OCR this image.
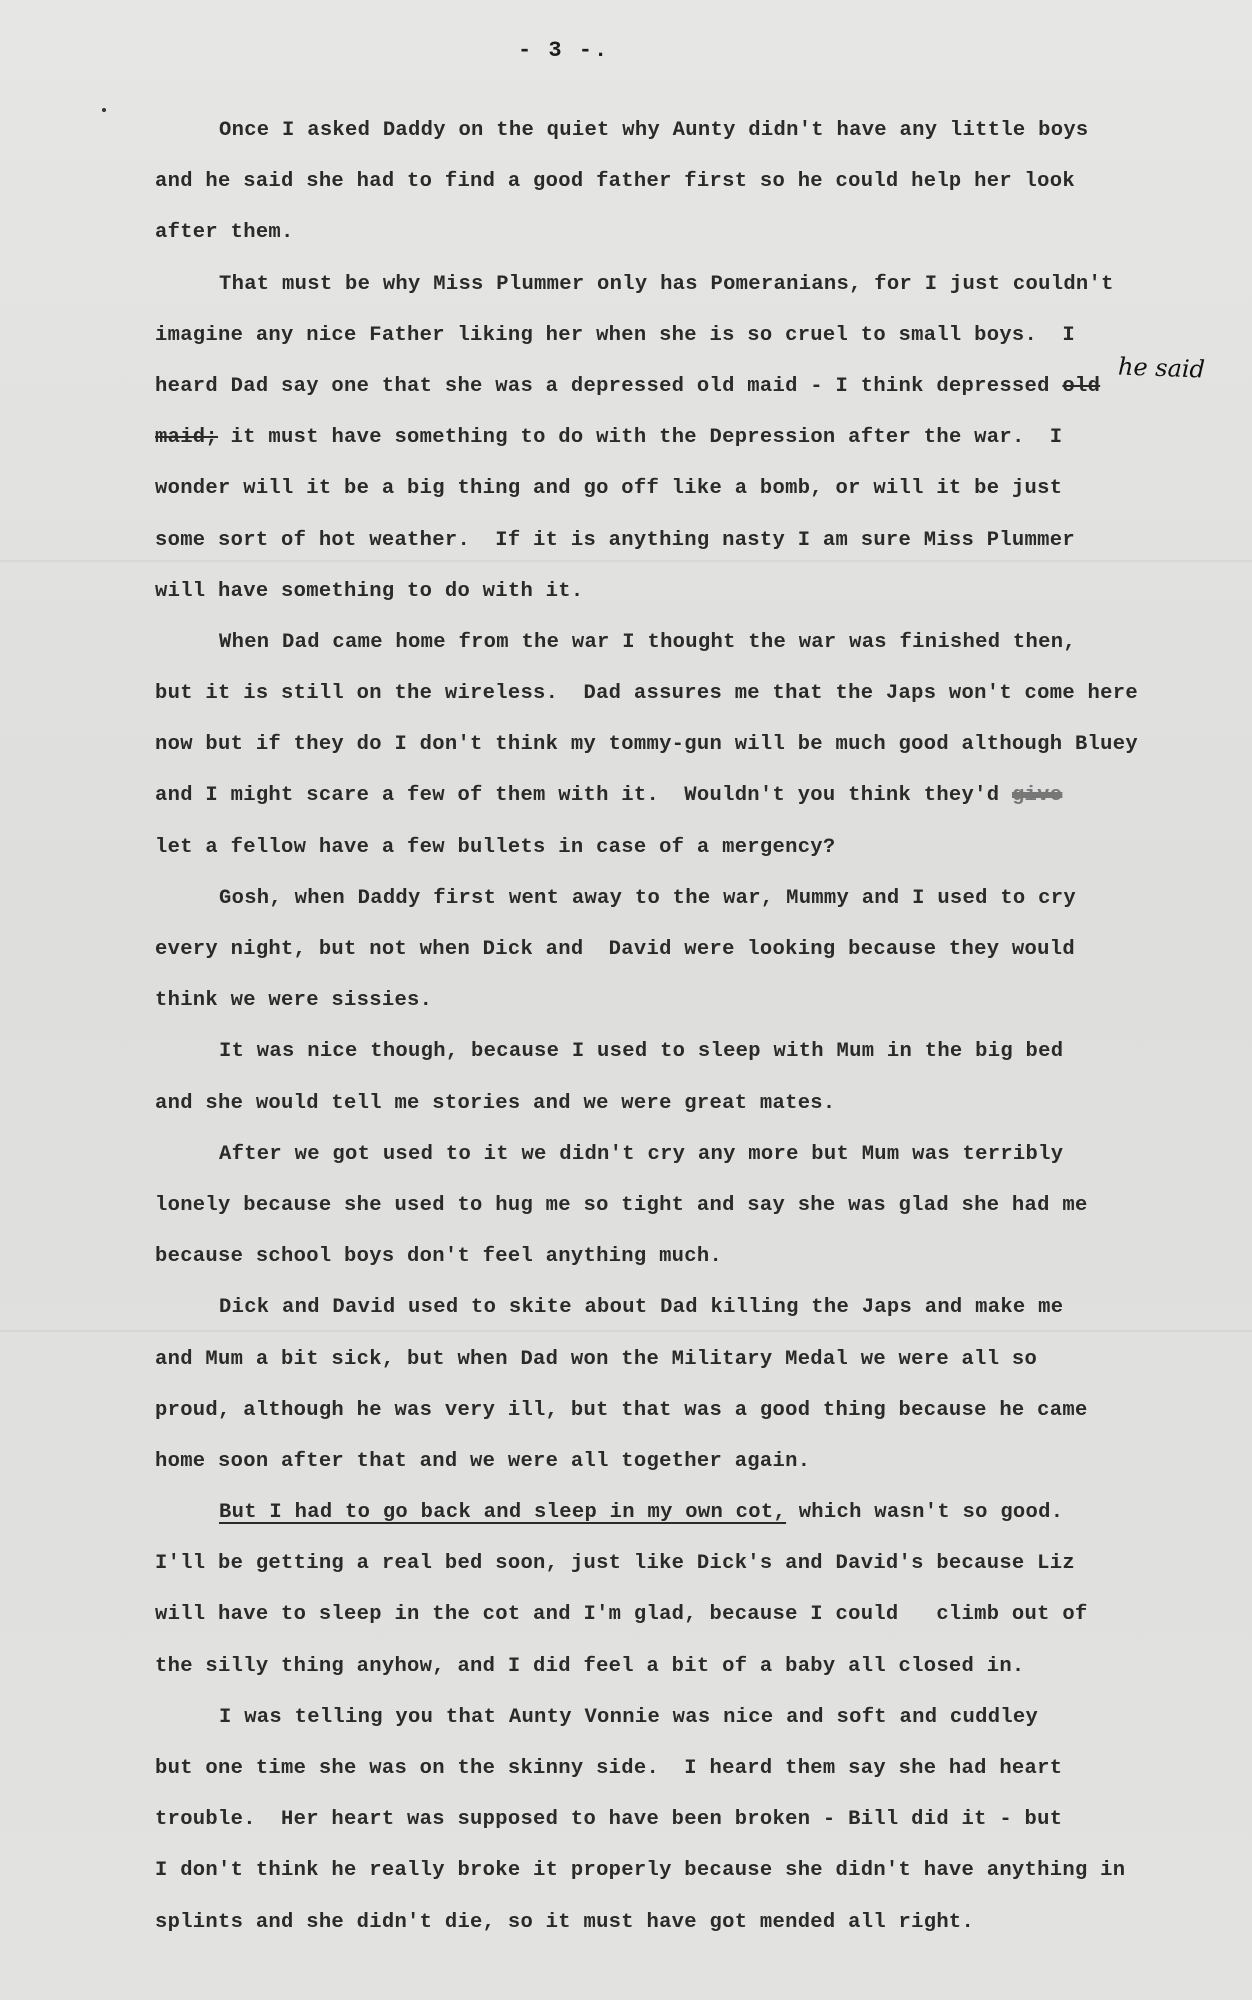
- 3 -.
he said
Once I asked Daddy on the quiet why Aunty didn't have any little boys
and he said she had to find a good father first so he could help her look
after them.
That must be why Miss Plummer only has Pomeranians, for I just couldn't
imagine any nice Father liking her when she is so cruel to small boys.  I
heard Dad say one that she was a depressed old maid - I think depressed old
maid; it must have something to do with the Depression after the war.  I
wonder will it be a big thing and go off like a bomb, or will it be just
some sort of hot weather.  If it is anything nasty I am sure Miss Plummer
will have something to do with it.
When Dad came home from the war I thought the war was finished then,
but it is still on the wireless.  Dad assures me that the Japs won't come here
now but if they do I don't think my tommy-gun will be much good although Bluey
and I might scare a few of them with it.  Wouldn't you think they'd give
let a fellow have a few bullets in case of a mergency?
Gosh, when Daddy first went away to the war, Mummy and I used to cry
every night, but not when Dick and  David were looking because they would
think we were sissies.
It was nice though, because I used to sleep with Mum in the big bed
and she would tell me stories and we were great mates.
After we got used to it we didn't cry any more but Mum was terribly
lonely because she used to hug me so tight and say she was glad she had me
because school boys don't feel anything much.
Dick and David used to skite about Dad killing the Japs and make me
and Mum a bit sick, but when Dad won the Military Medal we were all so
proud, although he was very ill, but that was a good thing because he came
home soon after that and we were all together again.
But I had to go back and sleep in my own cot, which wasn't so good.
I'll be getting a real bed soon, just like Dick's and David's because Liz
will have to sleep in the cot and I'm glad, because I could   climb out of
the silly thing anyhow, and I did feel a bit of a baby all closed in.
I was telling you that Aunty Vonnie was nice and soft and cuddley
but one time she was on the skinny side.  I heard them say she had heart
trouble.  Her heart was supposed to have been broken - Bill did it - but
I don't think he really broke it properly because she didn't have anything in
splints and she didn't die, so it must have got mended all right.
